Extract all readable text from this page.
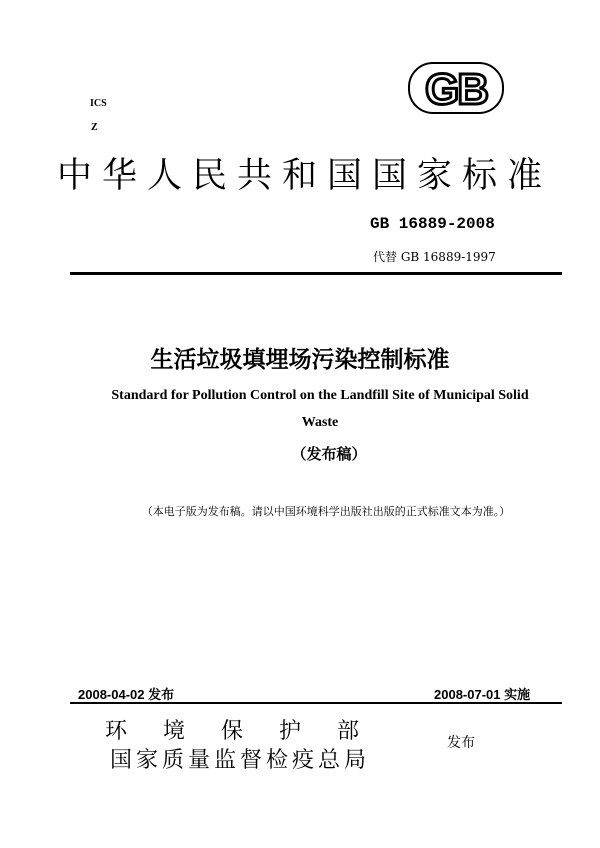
GB
ICS
Z
中华人民共和国国家标准
GB 16889-2008
代替 GB 16889-1997
生活垃圾填埋场污染控制标准
Standard for Pollution Control on the Landfill Site of Municipal Solid
Waste
（发布稿）
（本电子版为发布稿。请以中国环境科学出版社出版的正式标准文本为准。）
2008-04-02 发布	2008-07-01 实施
环境保护部
国家质量监督检疫总局
发布
